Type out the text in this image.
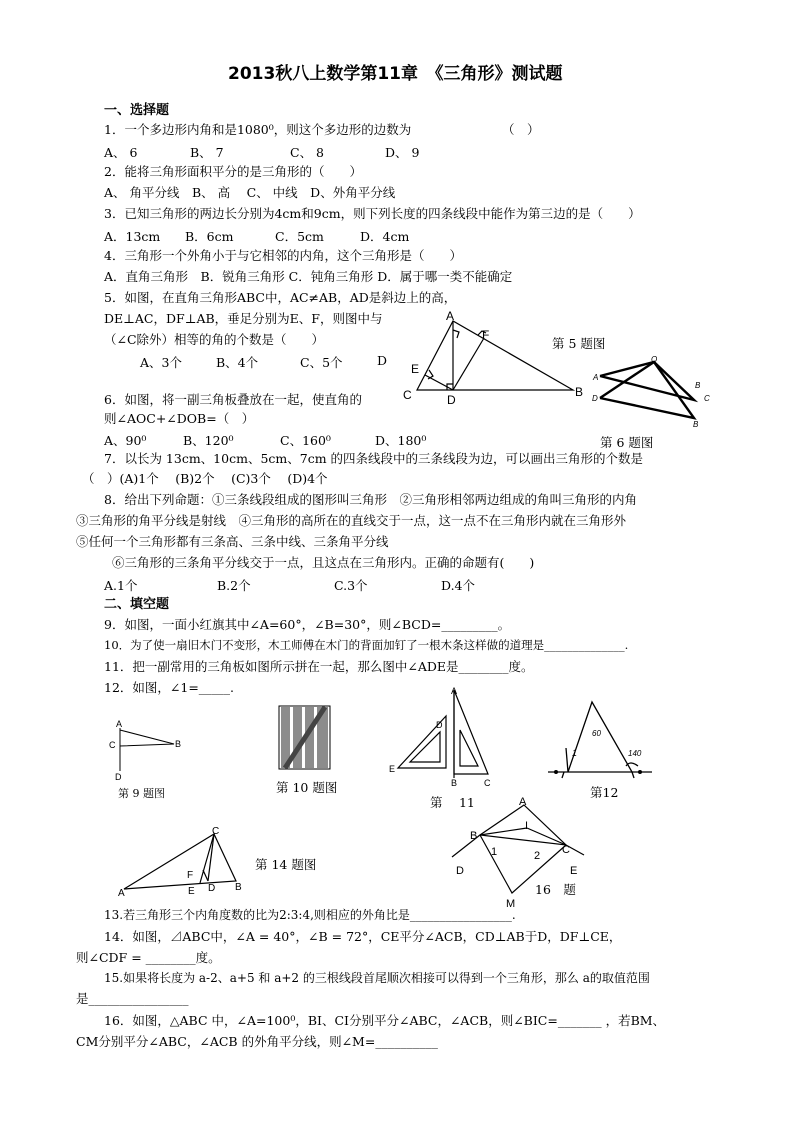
2013秋八上数学第11章　《三角形》测试题
一、选择题
1．一个多边形内角和是1080⁰，则这个多边形的边数为	（　）
A、 6	B、 7	C、 8	D、 9
2．能将三角形面积平分的是三角形的（　　）
A、 角平分线　B、 高　 C、 中线　D、外角平分线
3．已知三角形的两边长分别为4cm和9cm，则下列长度的四条线段中能作为第三边的是（　　）
A．13cm B．6cm	C．5cm	D．4cm
4．三角形一个外角小于与它相邻的内角，这个三角形是（　　）
A．直角三角形　B．锐角三角形 C．钝角三角形 D．属于哪一类不能确定
5．如图，在直角三角形ABC中，AC≠AB，AD是斜边上的高，
DE⊥AC，DF⊥AB，垂足分别为E、F，则图中与
（∠C除外）相等的角的个数是（　　）
A、3个	B、4个	C、5个	D
A
F
E
C	D
B
第 5 题图
6．如图，将一副三角板叠放在一起，使直角的
则∠AOC+∠DOB=（　）
A、90⁰	B、120⁰	C、160⁰	D、180⁰
O
A
B
D	C
B
第 6 题图
7．以长为 13cm、10cm、5cm、7cm 的四条线段中的三条线段为边，可以画出三角形的个数是
（　）(A)1个　 (B)2个　 (C)3个　 (D)4个
8．给出下列命题：①三条线段组成的图形叫三角形　②三角形相邻两边组成的角叫三角形的内角
③三角形的角平分线是射线　④三角形的高所在的直线交于一点，这一点不在三角形内就在三角形外
⑤任何一个三角形都有三条高、三条中线、三条角平分线
⑥三角形的三条角平分线交于一点，且这点在三角形内。正确的命题有(　　)
A.1个	B.2个	C.3个	D.4个
二、填空题
9．如图，一面小红旗其中∠A=60°，∠B=30°，则∠BCD=_________。
10．为了使一扇旧木门不变形，木工师傅在木门的背面加钉了一根木条这样做的道理是______________.
11．把一副常用的三角板如图所示拼在一起，那么图中∠ADE是________度。
12．如图，∠1=_____.
A
C	B
D
第 9 题图	第 10 题图
A
D
E
B	C
第　 11
1
60
140
第12
C
F
A	E D B
第 14 题图
A
I
B
C
1	2
D	E
M
16　题
13.若三角形三个内角度数的比为2:3:4,则相应的外角比是_________________.
14．如图，⊿ABC中，∠A = 40°，∠B = 72°，CE平分∠ACB，CD⊥AB于D，DF⊥CE，
则∠CDF = ________度。
15.如果将长度为 a-2、a+5 和 a+2 的三根线段首尾顺次相接可以得到一个三角形，那么 a的取值范围
是________________
16．如图，△ABC 中，∠A=100⁰，BI、CI分别平分∠ABC，∠ACB，则∠BIC=_______ ，若BM、
CM分别平分∠ABC，∠ACB 的外角平分线，则∠M=__________
